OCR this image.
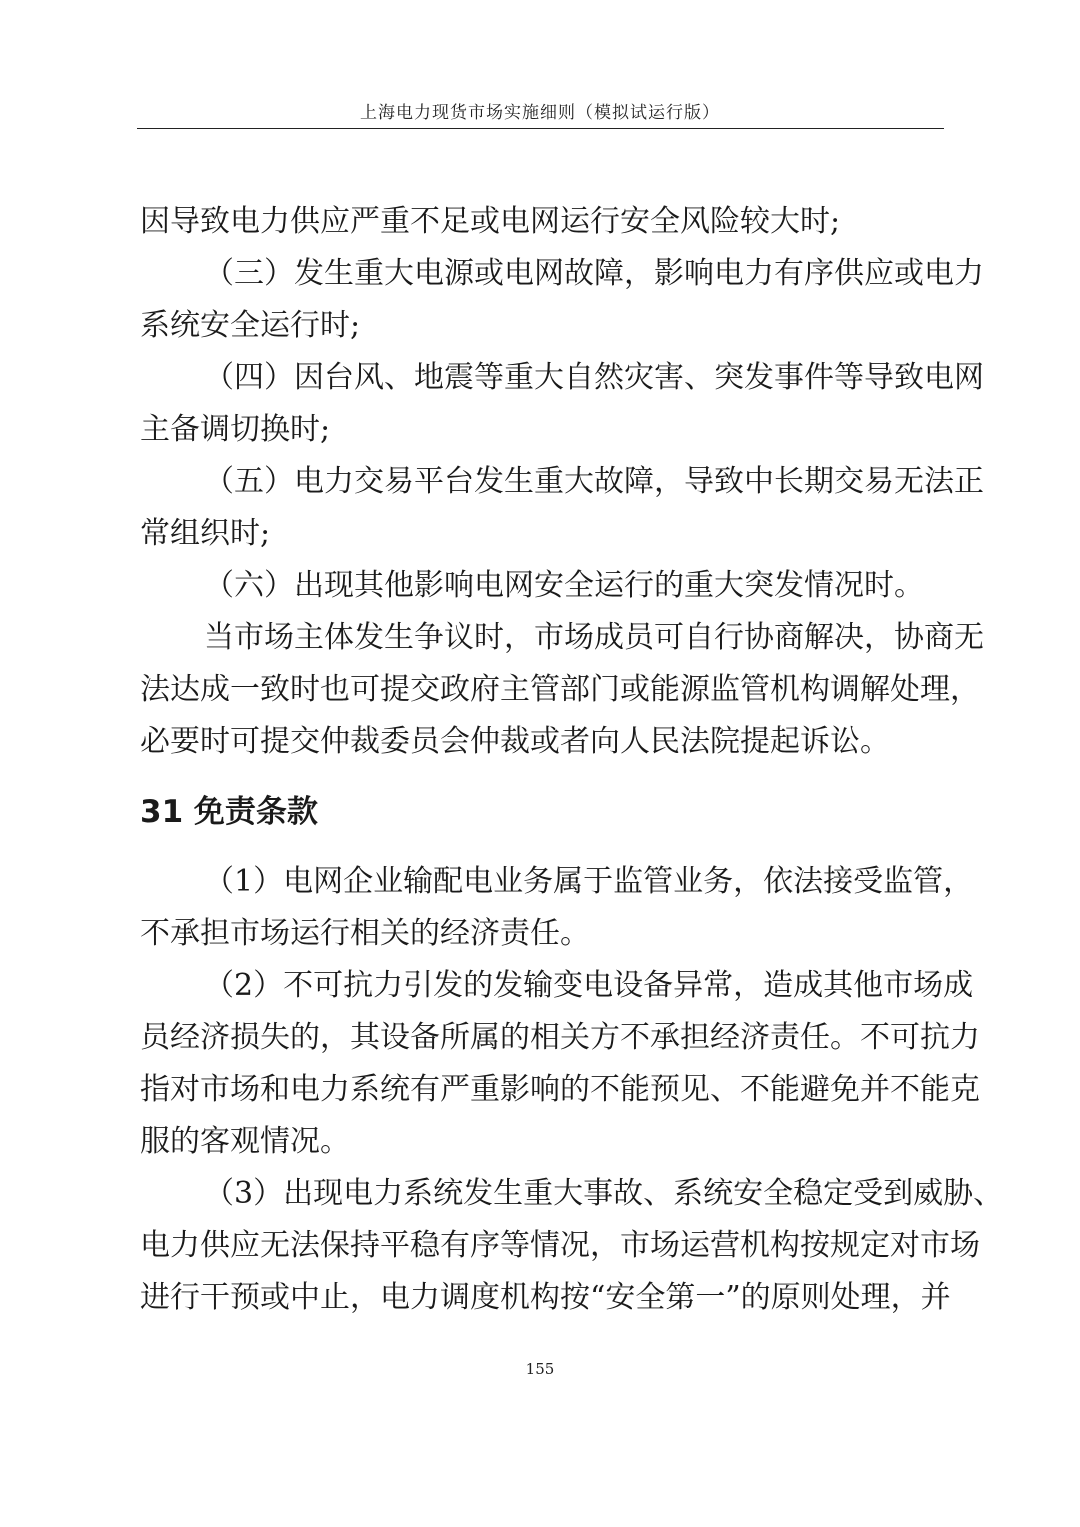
上海电力现货市场实施细则（模拟试运行版）
因导致电力供应严重不足或电网运行安全风险较大时;
（三）发生重大电源或电网故障，影响电力有序供应或电力
系统安全运行时;
（四）因台风、地震等重大自然灾害、突发事件等导致电网
主备调切换时;
（五）电力交易平台发生重大故障，导致中长期交易无法正
常组织时;
（六）出现其他影响电网安全运行的重大突发情况时。
当市场主体发生争议时，市场成员可自行协商解决，协商无
法达成一致时也可提交政府主管部门或能源监管机构调解处理，
必要时可提交仲裁委员会仲裁或者向人民法院提起诉讼。
31 免责条款
（1）电网企业输配电业务属于监管业务，依法接受监管，
不承担市场运行相关的经济责任。
（2）不可抗力引发的发输变电设备异常，造成其他市场成
员经济损失的，其设备所属的相关方不承担经济责任。不可抗力
指对市场和电力系统有严重影响的不能预见、不能避免并不能克
服的客观情况。
（3）出现电力系统发生重大事故、系统安全稳定受到威胁、
电力供应无法保持平稳有序等情况，市场运营机构按规定对市场
进行干预或中止，电力调度机构按“安全第一”的原则处理，并
155
